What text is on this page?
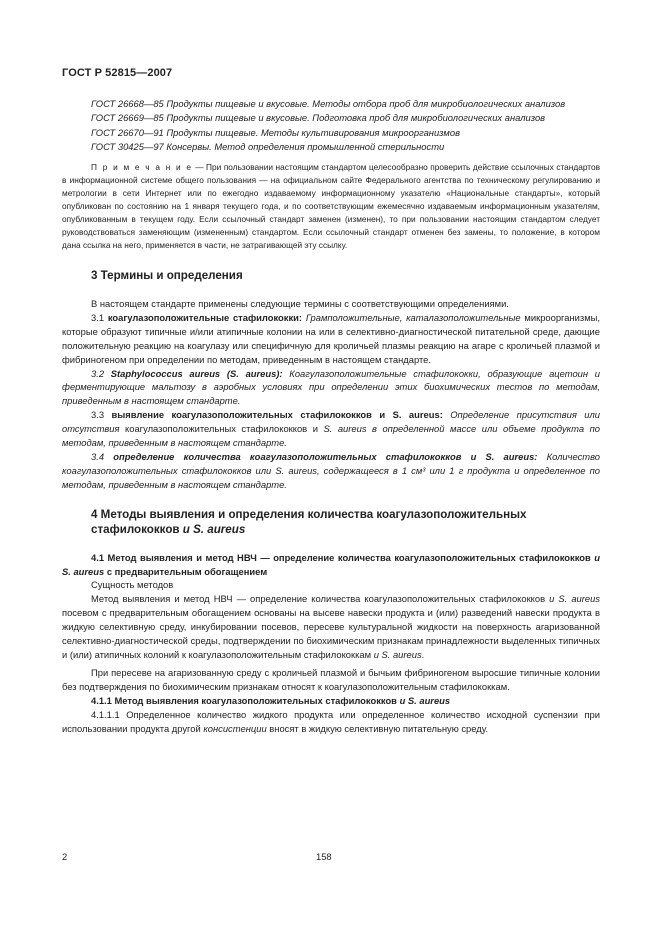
ГОСТ Р 52815—2007

ГОСТ 26668—85 Продукты пищевые и вкусовые. Методы отбора проб для микробиологических анализов

ГОСТ 26669—85 Продукты пищевые и вкусовые. Подготовка проб для микробиологических анализов

ГОСТ 26670—91 Продукты пищевые. Методы культивирования микроорганизмов

ГОСТ 30425—97 Консервы. Метод определения промышленной стерильности

П р и м е ч а н и е — При пользовании настоящим стандартом целесообразно проверить действие ссылочных стандартов в информационной системе общего пользования — на официальном сайте Федерального агентства по техническому регулированию и метрологии в сети Интернет или по ежегодно издаваемому информационному указателю «Национальные стандарты», который опубликован по состоянию на 1 января текущего года, и по соответствующим ежемесячно издаваемым информационным указателям, опубликованным в текущем году. Если ссылочный стандарт заменен (изменен), то при пользовании настоящим стандартом следует руководствоваться заменяющим (измененным) стандартом. Если ссылочный стандарт отменен без замены, то положение, в котором дана ссылка на него, применяется в части, не затрагивающей эту ссылку.

3 Термины и определения

В настоящем стандарте применены следующие термины с соответствующими определениями.

3.1 коагулазоположительные стафилококки: Грамположительные, каталазоположительные микроорганизмы, которые образуют типичные и/или атипичные колонии на или в селективно-диагностической питательной среде, дающие положительную реакцию на коагулазу или специфичную для кроличьей плазмы реакцию на агаре с кроличьей плазмой и фибриногеном при определении по методам, приведенным в настоящем стандарте.

3.2 Staphylococcus aureus (S. aureus): Коагулазоположительные стафилококки, образующие ацетоин и ферментирующие мальтозу в аэробных условиях при определении этих биохимических тестов по методам, приведенным в настоящем стандарте.

3.3 выявление коагулазоположительных стафилококков и S. aureus: Определение присутствия или отсутствия коагулазоположительных стафилококков и S. aureus в определенной массе или объеме продукта по методам, приведенным в настоящем стандарте.

3.4 определение количества коагулазоположительных стафилококков и S. aureus: Количество коагулазоположительных стафилококков или S. aureus, содержащееся в 1 см³ или 1 г продукта и определенное по методам, приведенным в настоящем стандарте.

4 Методы выявления и определения количества коагулазоположительных стафилококков и S. aureus

4.1 Метод выявления и метод НВЧ — определение количества коагулазоположительных стафилококков и S. aureus с предварительным обогащением

Сущность методов

Метод выявления и метод НВЧ — определение количества коагулазоположительных стафилококков и S. aureus посевом с предварительным обогащением основаны на высеве навески продукта и (или) разведений навески продукта в жидкую селективную среду, инкубировании посевов, пересеве культуральной жидкости на поверхность агаризованной селективно-диагностической среды, подтверждении по биохимическим признакам принадлежности выделенных типичных и (или) атипичных колоний к коагулазоположительным стафилококкам и S. aureus.

При пересеве на агаризованную среду с кроличьей плазмой и бычьим фибриногеном выросшие типичные колонии без подтверждения по биохимическим признакам относят к коагулазоположительным стафилококкам.

4.1.1 Метод выявления коагулазоположительных стафилококков и S. aureus

4.1.1.1 Определенное количество жидкого продукта или определенное количество исходной суспензии при использовании продукта другой консистенции вносят в жидкую селективную питательную среду.

2	158
